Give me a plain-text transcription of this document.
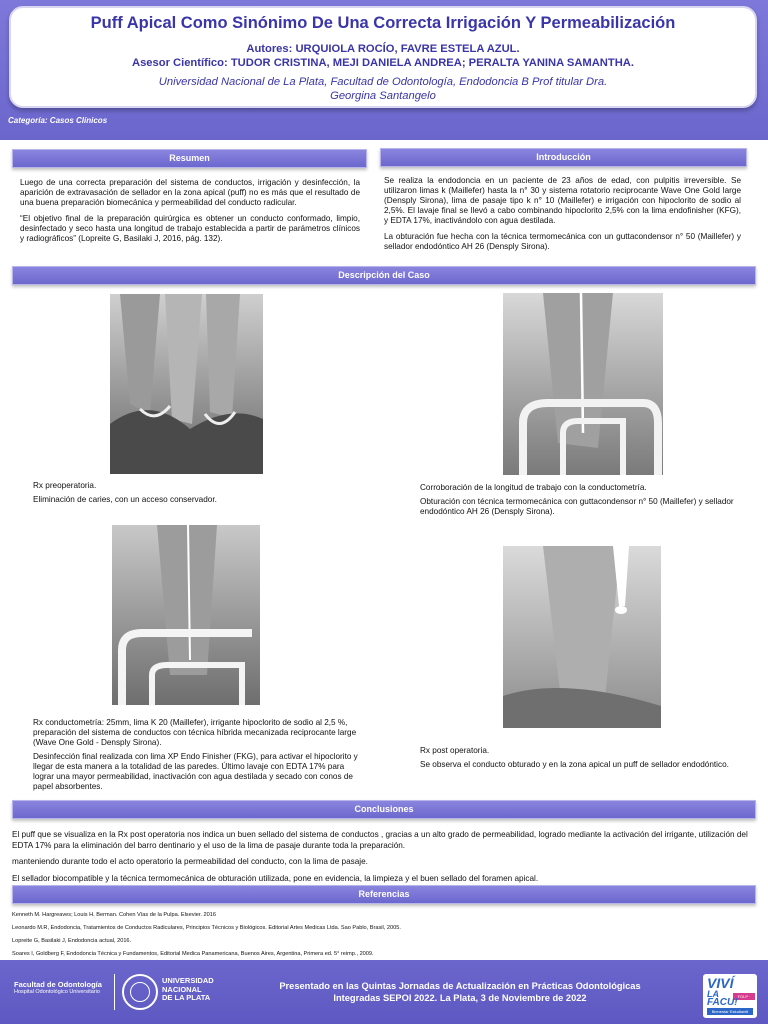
Puff Apical Como Sinónimo De Una Correcta Irrigación Y Permeabilización
Autores: URQUIOLA ROCÍO, FAVRE ESTELA AZUL.
Asesor Científico: TUDOR CRISTINA, MEJI DANIELA ANDREA; PERALTA YANINA SAMANTHA.
Universidad Nacional de La Plata, Facultad de Odontología, Endodoncia B Prof titular Dra.
Georgina Santangelo
Categoría: Casos Clínicos
Resumen	Introducción

Luego de una correcta preparación del sistema de conductos, irrigación y desinfección, la aparición de extravasación de sellador en la zona apical (puff) no es más que el resultado de una buena preparación biomecánica y permeabilidad del conducto radicular.

“El objetivo final de la preparación quirúrgica es obtener un conducto conformado, limpio, desinfectado y seco hasta una longitud de trabajo establecida a partir de parámetros clínicos y radiográficos” (Lopreite G, Basilaki J, 2016, pág. 132).

Se realiza la endodoncia en un paciente de 23 años de edad, con pulpitis irreversible. Se utilizaron limas k (Maillefer) hasta la n° 30 y sistema rotatorio reciprocante Wave One Gold large (Densply Sirona), lima de pasaje tipo k n° 10 (Maillefer) e irrigación con hipoclorito de sodio al 2,5%. El lavaje final se llevó a cabo combinando hipoclorito 2,5% con la lima endofinisher (KFG), y EDTA 17%, inactivándolo con agua destilada.

La obturación fue hecha con la técnica termomecánica con un guttacondensor n° 50 (Maillefer) y sellador endodóntico AH 26 (Densply Sirona).

Descripción del Caso

Rx preoperatoria.

Eliminación de caries, con un acceso conservador.

Corroboración de la longitud de trabajo con la conductometría.

Obturación con técnica termomecánica con guttacondensor n° 50 (Maillefer) y sellador endodóntico AH 26 (Densply Sirona).

Rx conductometría: 25mm, lima K 20 (Maillefer), irrigante hipoclorito de sodio al 2,5 %, preparación del sistema de conductos con técnica híbrida mecanizada reciprocante large (Wave One Gold - Densply Sirona).

Desinfección final realizada con lima XP Endo Finisher (FKG), para activar el hipoclorito y llegar de esta manera a la totalidad de las paredes. Último lavaje con EDTA 17% para lograr una mayor permeabilidad, inactivación con agua destilada y secado con conos de papel absorbentes.

Rx post operatoria.

Se observa el conducto obturado y en la zona apical un puff de sellador endodóntico.

Conclusiones

El puff que se visualiza en la Rx post operatoria nos indica un buen sellado del sistema de conductos , gracias a un alto grado de permeabilidad, logrado mediante la activación del irrigante, utilización del EDTA 17% para la eliminación del barro dentinario y el uso de la lima de pasaje durante toda la preparación.

manteniendo durante todo el acto operatorio la permeabilidad del conducto, con la lima de pasaje.

El sellador biocompatible y la técnica termomecánica de obturación utilizada, pone en evidencia, la limpieza y el buen sellado del foramen apical.

Referencias

Kenneth M. Hargreaves; Louis H. Berman. Cohen Vías de la Pulpa. Elsevier. 2016

Leonardo M.R, Endodoncia, Tratamientos de Conductos Radiculares, Principios Técnicos y Biológicos. Editorial Artes Medicas Ltda. Sao Pablo, Brasil, 2005.

Lopreite G, Basilaki J, Endodoncia actual, 2016.

Soares I, Goldberg F, Endodoncia Técnica y Fundamentos, Editorial Medica Panamericana, Buenos Aires, Argentina, Primera ed. 5° reimp., 2009.

Facultad de Odontología
Hospital Odontológico Universitario
UNIVERSIDAD
NACIONAL
DE LA PLATA
Presentado en las Quintas Jornadas de Actualización en Prácticas Odontológicas
Integradas SEPOI 2022. La Plata, 3 de Noviembre de 2022
VIVÍ
LA	FOLP · UNLP
FACU!
Bienestar Estudiantil
